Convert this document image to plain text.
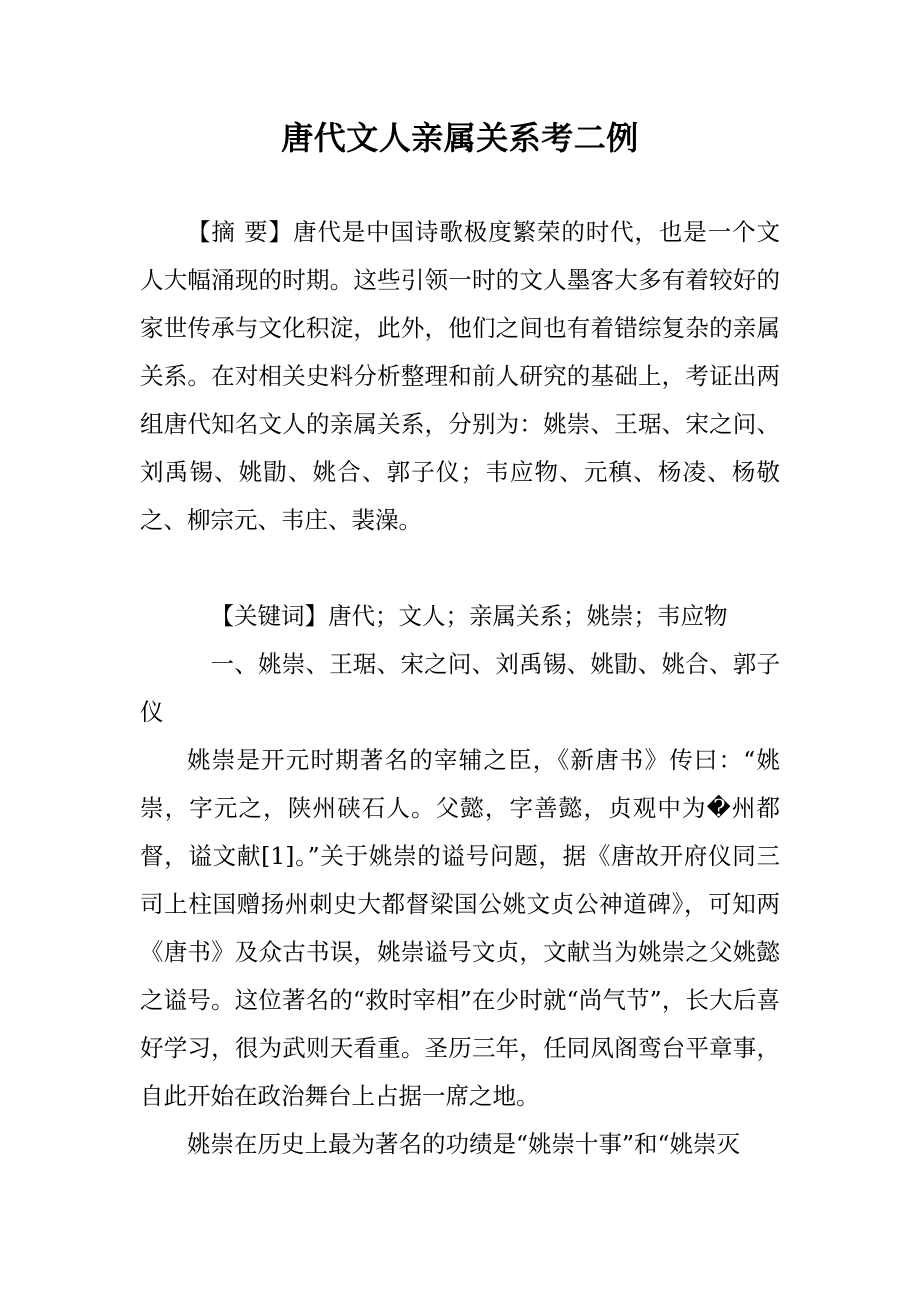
唐代文人亲属关系考二例

【摘 要】唐代是中国诗歌极度繁荣的时代，也是一个文人大幅涌现的时期。这些引领一时的文人墨客大多有着较好的家世传承与文化积淀，此外，他们之间也有着错综复杂的亲属关系。在对相关史料分析整理和前人研究的基础上，考证出两组唐代知名文人的亲属关系，分别为：姚崇、王琚、宋之问、刘禹锡、姚勖、姚合、郭子仪；韦应物、元稹、杨凌、杨敬之、柳宗元、韦庄、裴澡。

【关键词】唐代；文人；亲属关系；姚崇；韦应物

一、姚崇、王琚、宋之问、刘禹锡、姚勖、姚合、郭子仪

姚崇是开元时期著名的宰辅之臣，《新唐书》传曰：“姚崇，字元之，陕州硖石人。父懿，字善懿，贞观中为�州都督，谥文献[1]。”关于姚崇的谥号问题，据《唐故开府仪同三司上柱国赠扬州刺史大都督梁国公姚文贞公神道碑》，可知两《唐书》及众古书误，姚崇谥号文贞，文献当为姚崇之父姚懿之谥号。这位著名的“救时宰相”在少时就“尚气节”，长大后喜好学习，很为武则天看重。圣历三年，任同凤阁鸾台平章事，自此开始在政治舞台上占据一席之地。

姚崇在历史上最为著名的功绩是“姚崇十事”和“姚崇灭
